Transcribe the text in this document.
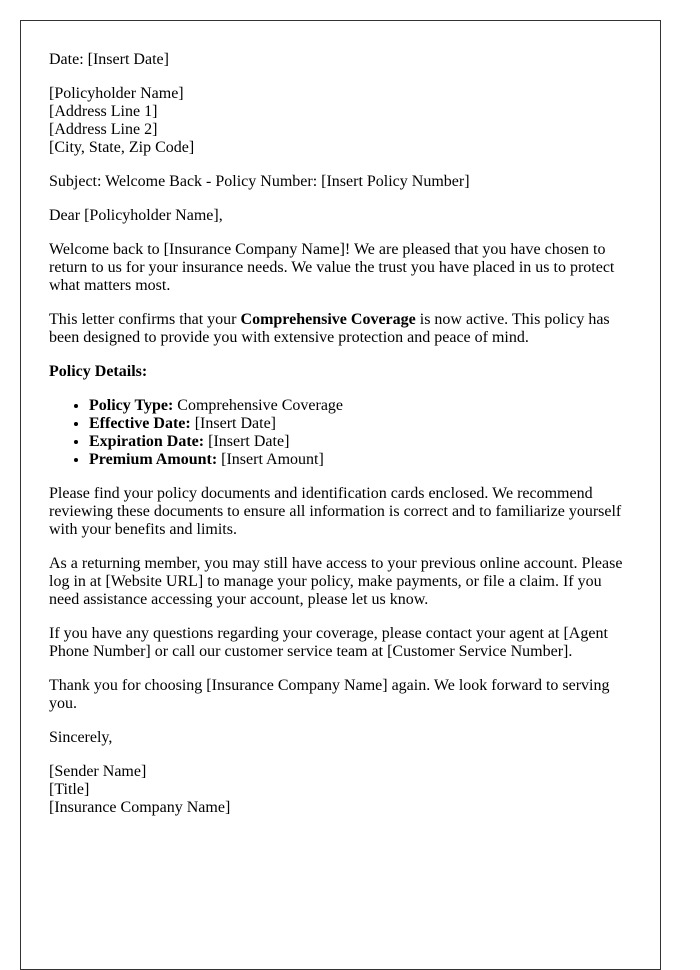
Date: [Insert Date]

[Policyholder Name]
[Address Line 1]
[Address Line 2]
[City, State, Zip Code]

Subject: Welcome Back - Policy Number: [Insert Policy Number]

Dear [Policyholder Name],

Welcome back to [Insurance Company Name]! We are pleased that you have chosen to return to us for your insurance needs. We value the trust you have placed in us to protect what matters most.

This letter confirms that your Comprehensive Coverage is now active. This policy has been designed to provide you with extensive protection and peace of mind.

Policy Details:

• Policy Type: Comprehensive Coverage
• Effective Date: [Insert Date]
• Expiration Date: [Insert Date]
• Premium Amount: [Insert Amount]

Please find your policy documents and identification cards enclosed. We recommend reviewing these documents to ensure all information is correct and to familiarize yourself with your benefits and limits.

As a returning member, you may still have access to your previous online account. Please log in at [Website URL] to manage your policy, make payments, or file a claim. If you need assistance accessing your account, please let us know.

If you have any questions regarding your coverage, please contact your agent at [Agent Phone Number] or call our customer service team at [Customer Service Number].

Thank you for choosing [Insurance Company Name] again. We look forward to serving you.

Sincerely,

[Sender Name]
[Title]
[Insurance Company Name]
